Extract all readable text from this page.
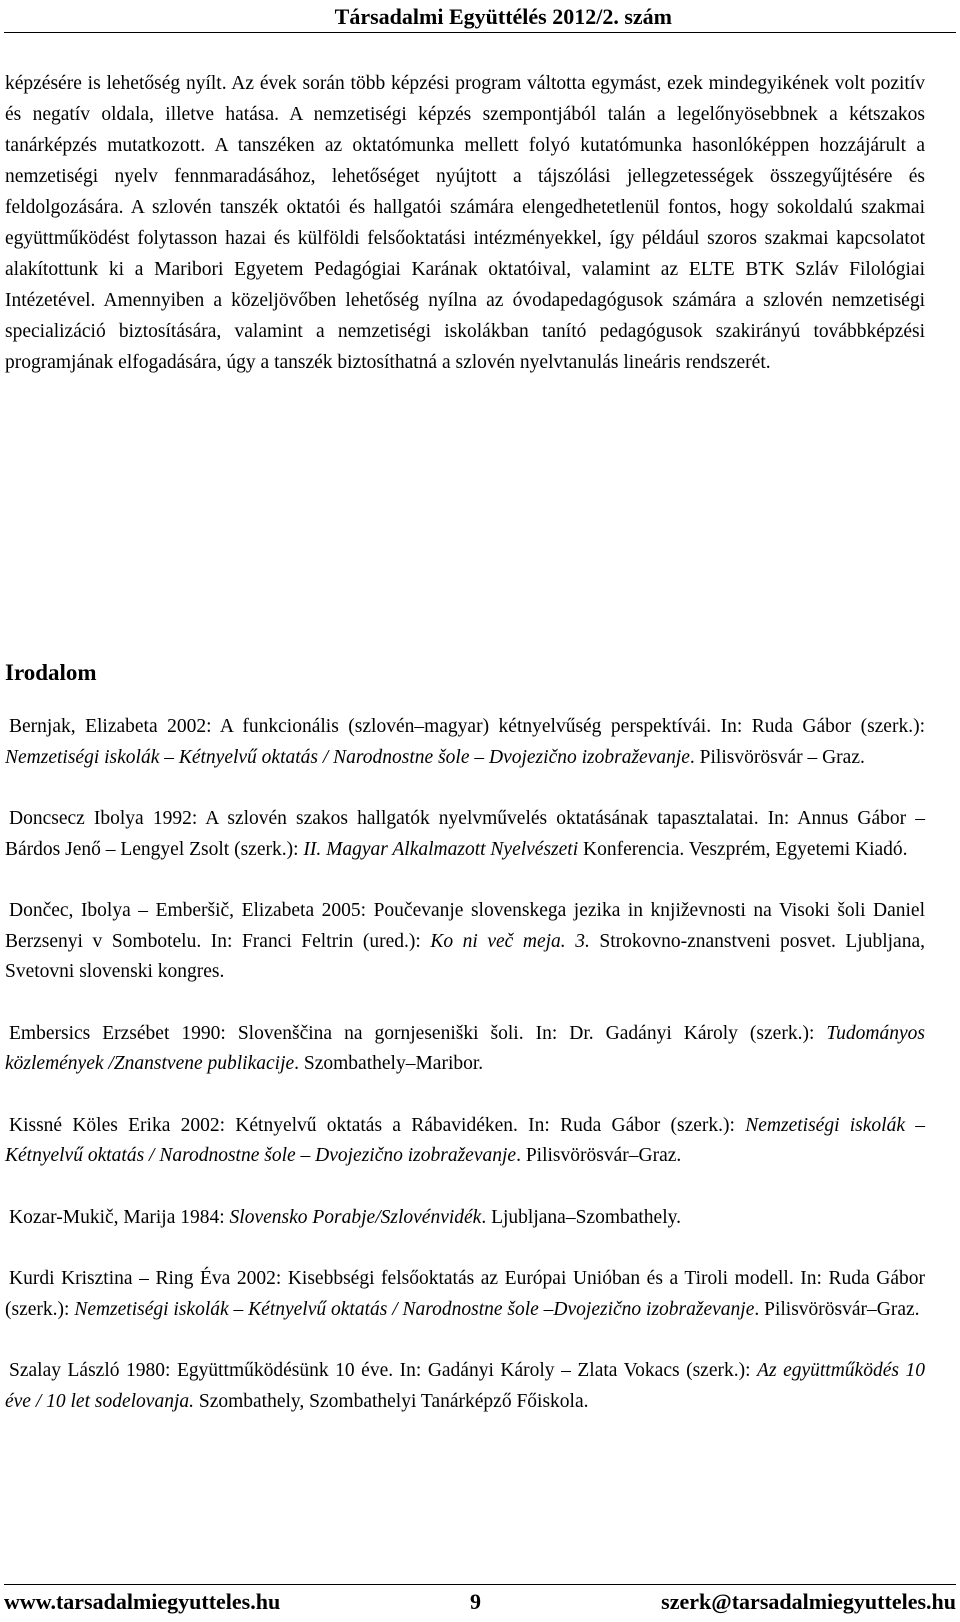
Társadalmi Együttélés 2012/2. szám

képzésére is lehetőség nyílt. Az évek során több képzési program váltotta egymást, ezek mindegyikének volt pozitív és negatív oldala, illetve hatása. A nemzetiségi képzés szempontjából talán a legelőnyösebbnek a kétszakos tanárképzés mutatkozott. A tanszéken az oktatómunka mellett folyó kutatómunka hasonlóképpen hozzájárult a nemzetiségi nyelv fennmaradásához, lehetőséget nyújtott a tájszólási jellegzetességek összegyűjtésére és feldolgozására. A szlovén tanszék oktatói és hallgatói számára elengedhetetlenül fontos, hogy sokoldalú szakmai együttműködést folytasson hazai és külföldi felsőoktatási intézményekkel, így például szoros szakmai kapcsolatot alakítottunk ki a Maribori Egyetem Pedagógiai Karának oktatóival, valamint az ELTE BTK Szláv Filológiai Intézetével. Amennyiben a közeljövőben lehetőség nyílna az óvodapedagógusok számára a szlovén nemzetiségi specializáció biztosítására, valamint a nemzetiségi iskolákban tanító pedagógusok szakirányú továbbképzési programjának elfogadására, úgy a tanszék biztosíthatná a szlovén nyelvtanulás lineáris rendszerét.

Irodalom

Bernjak, Elizabeta 2002: A funkcionális (szlovén–magyar) kétnyelvűség perspektívái. In: Ruda Gábor (szerk.): Nemzetiségi iskolák – Kétnyelvű oktatás / Narodnostne šole – Dvojezično izobraževanje. Pilisvörösvár – Graz.

Doncsecz Ibolya 1992: A szlovén szakos hallgatók nyelvművelés oktatásának tapasztalatai. In: Annus Gábor – Bárdos Jenő – Lengyel Zsolt (szerk.): II. Magyar Alkalmazott Nyelvészeti Konferencia. Veszprém, Egyetemi Kiadó.

Dončec, Ibolya – Emberšič, Elizabeta 2005: Poučevanje slovenskega jezika in književnosti na Visoki šoli Daniel Berzsenyi v Sombotelu. In: Franci Feltrin (ured.): Ko ni več meja. 3. Strokovno-znanstveni posvet. Ljubljana, Svetovni slovenski kongres.

Embersics Erzsébet 1990: Slovenščina na gornjeseniški šoli. In: Dr. Gadányi Károly (szerk.): Tudományos közlemények /Znanstvene publikacije. Szombathely–Maribor.

Kissné Köles Erika 2002: Kétnyelvű oktatás a Rábavidéken. In: Ruda Gábor (szerk.): Nemzetiségi iskolák – Kétnyelvű oktatás / Narodnostne šole – Dvojezično izobraževanje. Pilisvörösvár–Graz.

Kozar-Mukič, Marija 1984: Slovensko Porabje/Szlovénvidék. Ljubljana–Szombathely.

Kurdi Krisztina – Ring Éva 2002: Kisebbségi felsőoktatás az Európai Unióban és a Tiroli modell. In: Ruda Gábor (szerk.): Nemzetiségi iskolák – Kétnyelvű oktatás / Narodnostne šole –Dvojezično izobraževanje. Pilisvörösvár–Graz.

Szalay László 1980: Együttműködésünk 10 éve. In: Gadányi Károly – Zlata Vokacs (szerk.): Az együttműködés 10 éve / 10 let sodelovanja. Szombathely, Szombathelyi Tanárképző Főiskola.

www.tarsadalmiegyutteles.hu	9	szerk@tarsadalmiegyutteles.hu
